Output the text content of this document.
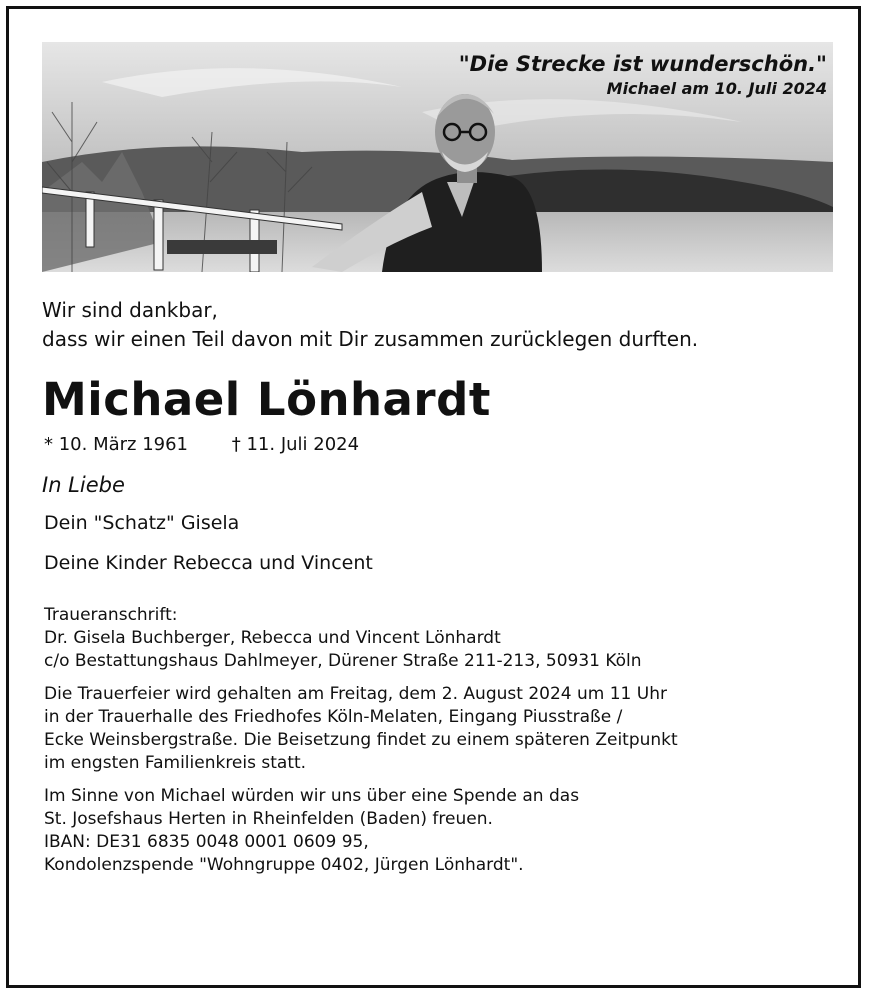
"Die Strecke ist wunderschön."
Michael am 10. Juli 2024

Wir sind dankbar,
dass wir einen Teil davon mit Dir zusammen zurücklegen durften.

Michael Lönhardt
* 10. März 1961 † 11. Juli 2024
In Liebe
Dein "Schatz" Gisela
Deine Kinder Rebecca und Vincent

Traueranschrift:
Dr. Gisela Buchberger, Rebecca und Vincent Lönhardt
c/o Bestattungshaus Dahlmeyer, Dürener Straße 211-213, 50931 Köln

Die Trauerfeier wird gehalten am Freitag, dem 2. August 2024 um 11 Uhr
in der Trauerhalle des Friedhofes Köln-Melaten, Eingang Piusstraße /
Ecke Weinsbergstraße. Die Beisetzung findet zu einem späteren Zeitpunkt
im engsten Familienkreis statt.

Im Sinne von Michael würden wir uns über eine Spende an das
St. Josefshaus Herten in Rheinfelden (Baden) freuen.
IBAN: DE31 6835 0048 0001 0609 95,
Kondolenzspende "Wohngruppe 0402, Jürgen Lönhardt".
